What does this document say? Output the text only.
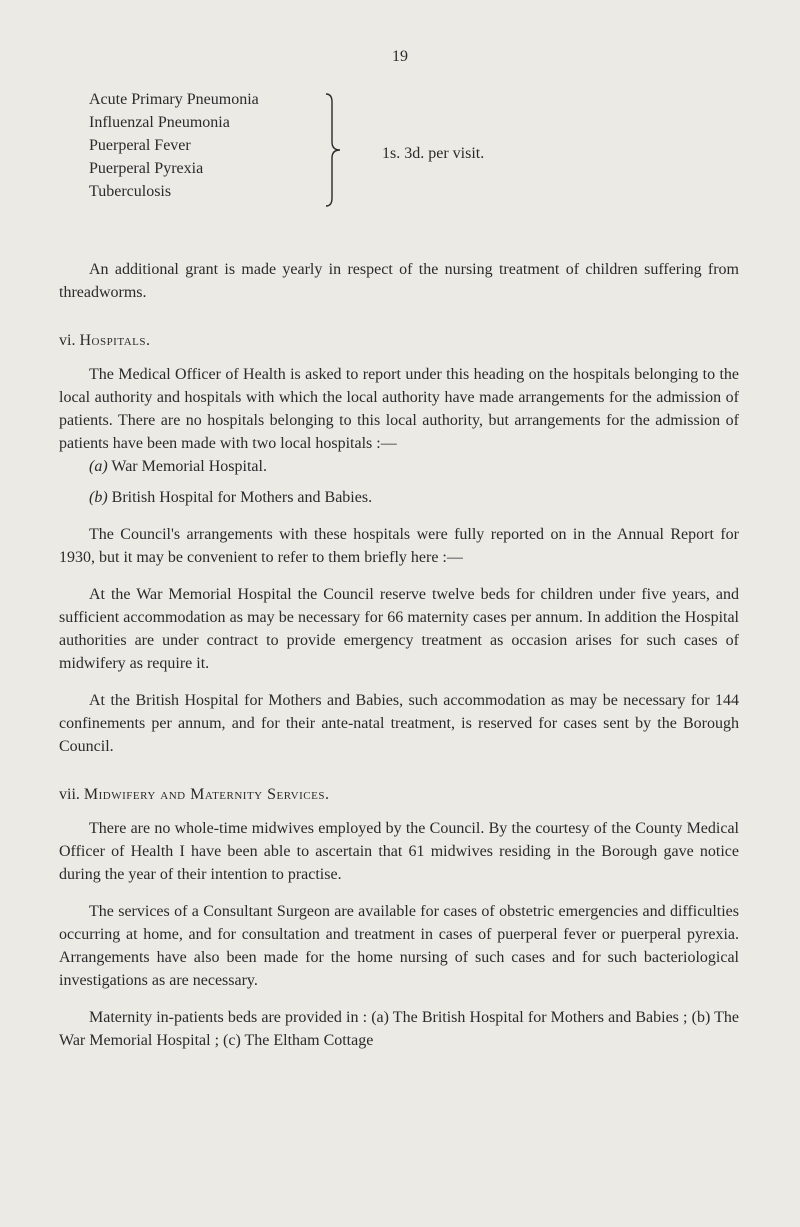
19
Acute Primary Pneumonia
Influenzal Pneumonia
Puerperal Fever
Puerperal Pyrexia
Tuberculosis
1s. 3d. per visit.

An additional grant is made yearly in respect of the nursing treatment of children suffering from threadworms.

vi. Hospitals.

The Medical Officer of Health is asked to report under this heading on the hospitals belonging to the local authority and hospitals with which the local authority have made arrangements for the admission of patients. There are no hospitals belonging to this local authority, but arrangements for the admission of patients have been made with two local hospitals :—

(a) War Memorial Hospital.
(b) British Hospital for Mothers and Babies.

The Council's arrangements with these hospitals were fully reported on in the Annual Report for 1930, but it may be convenient to refer to them briefly here :—

At the War Memorial Hospital the Council reserve twelve beds for children under five years, and sufficient accommodation as may be necessary for 66 maternity cases per annum. In addition the Hospital authorities are under contract to provide emergency treatment as occasion arises for such cases of midwifery as require it.

At the British Hospital for Mothers and Babies, such accommodation as may be necessary for 144 confinements per annum, and for their ante-natal treatment, is reserved for cases sent by the Borough Council.

vii. Midwifery and Maternity Services.

There are no whole-time midwives employed by the Council. By the courtesy of the County Medical Officer of Health I have been able to ascertain that 61 midwives residing in the Borough gave notice during the year of their intention to practise.

The services of a Consultant Surgeon are available for cases of obstetric emergencies and difficulties occurring at home, and for consultation and treatment in cases of puerperal fever or puerperal pyrexia. Arrangements have also been made for the home nursing of such cases and for such bacteriological investigations as are necessary.

Maternity in-patients beds are provided in : (a) The British Hospital for Mothers and Babies ; (b) The War Memorial Hospital ; (c) The Eltham Cottage
